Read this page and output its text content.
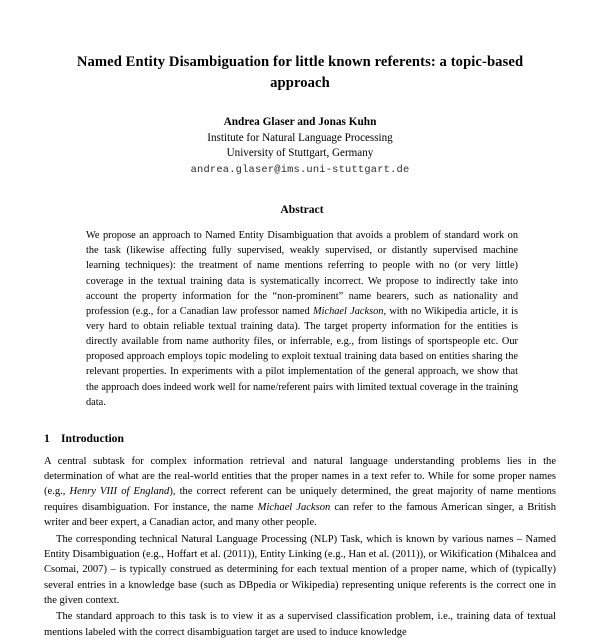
Named Entity Disambiguation for little known referents: a topic-based approach
Andrea Glaser and Jonas Kuhn
Institute for Natural Language Processing
University of Stuttgart, Germany
andrea.glaser@ims.uni-stuttgart.de
Abstract

We propose an approach to Named Entity Disambiguation that avoids a problem of standard work on the task (likewise affecting fully supervised, weakly supervised, or distantly supervised machine learning techniques): the treatment of name mentions referring to people with no (or very little) coverage in the textual training data is systematically incorrect. We propose to indirectly take into account the property information for the “non-prominent” name bearers, such as nationality and profession (e.g., for a Canadian law professor named Michael Jackson, with no Wikipedia article, it is very hard to obtain reliable textual training data). The target property information for the entities is directly available from name authority files, or inferrable, e.g., from listings of sportspeople etc. Our proposed approach employs topic modeling to exploit textual training data based on entities sharing the relevant properties. In experiments with a pilot implementation of the general approach, we show that the approach does indeed work well for name/referent pairs with limited textual coverage in the training data.

1 Introduction

A central subtask for complex information retrieval and natural language understanding problems lies in the determination of what are the real-world entities that the proper names in a text refer to. While for some proper names (e.g., Henry VIII of England), the correct referent can be uniquely determined, the great majority of name mentions requires disambiguation. For instance, the name Michael Jackson can refer to the famous American singer, a British writer and beer expert, a Canadian actor, and many other people.

The corresponding technical Natural Language Processing (NLP) Task, which is known by various names – Named Entity Disambiguation (e.g., Hoffart et al. (2011)), Entity Linking (e.g., Han et al. (2011)), or Wikification (Mihalcea and Csomai, 2007) – is typically construed as determining for each textual mention of a proper name, which of (typically) several entries in a knowledge base (such as DBpedia or Wikipedia) representing unique referents is the correct one in the given context.

The standard approach to this task is to view it as a supervised classification problem, i.e., training data of textual mentions labeled with the correct disambiguation target are used to induce knowledge
